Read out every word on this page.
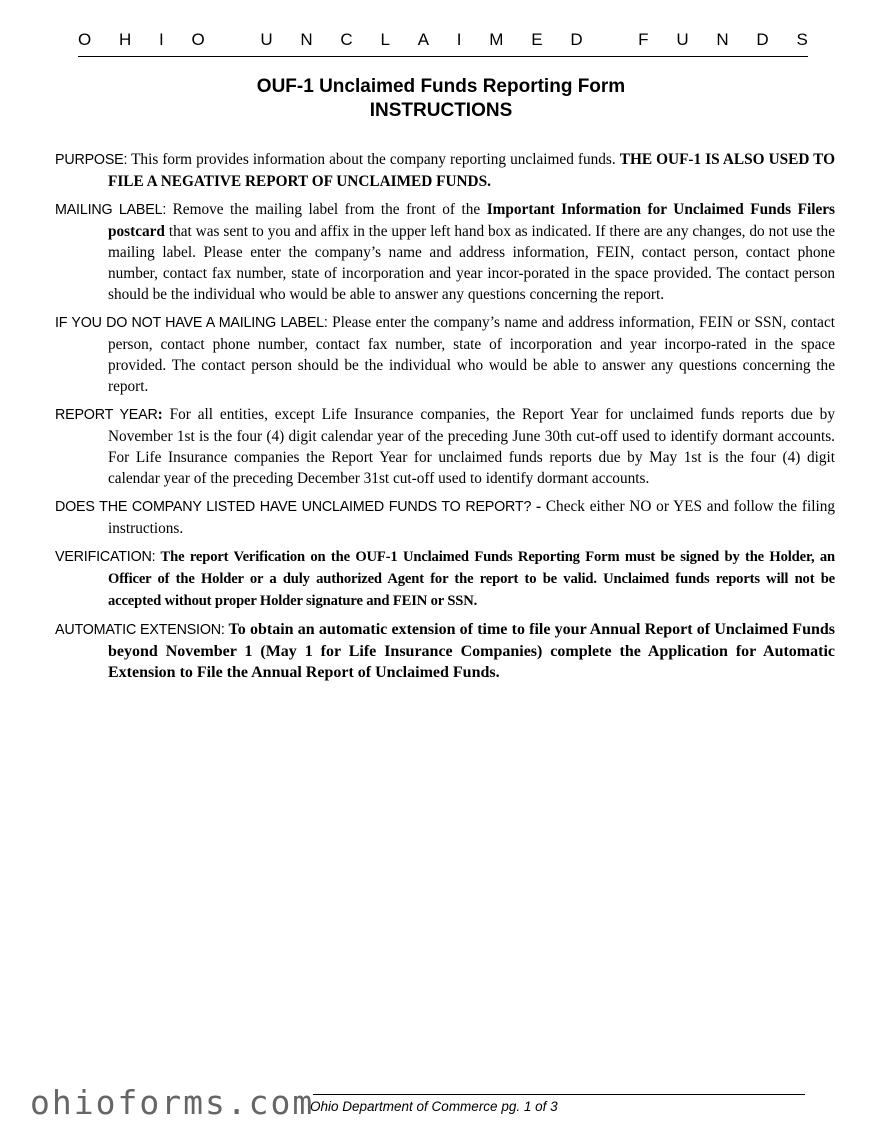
O H I O	U N C L A I M E D	F U N D S
OUF-1 Unclaimed Funds Reporting Form
INSTRUCTIONS

PURPOSE: This form provides information about the company reporting unclaimed funds. THE OUF-1 IS ALSO USED TO FILE A NEGATIVE REPORT OF UNCLAIMED FUNDS.

MAILING LABEL: Remove the mailing label from the front of the Important Information for Unclaimed Funds Filers postcard that was sent to you and affix in the upper left hand box as indicated. If there are any changes, do not use the mailing label. Please enter the company’s name and address information, FEIN, contact person, contact phone number, contact fax number, state of incorporation and year incor-porated in the space provided. The contact person should be the individual who would be able to answer any questions concerning the report.

IF YOU DO NOT HAVE A MAILING LABEL: Please enter the company’s name and address information, FEIN or SSN, contact person, contact phone number, contact fax number, state of incorporation and year incorpo-rated in the space provided. The contact person should be the individual who would be able to answer any questions concerning the report.

REPORT YEAR: For all entities, except Life Insurance companies, the Report Year for unclaimed funds reports due by November 1st is the four (4) digit calendar year of the preceding June 30th cut-off used to identify dormant accounts. For Life Insurance companies the Report Year for unclaimed funds reports due by May 1st is the four (4) digit calendar year of the preceding December 31st cut-off used to identify dormant accounts.

DOES THE COMPANY LISTED HAVE UNCLAIMED FUNDS TO REPORT? - Check either NO or YES and follow the filing instructions.

VERIFICATION: The report Verification on the OUF-1 Unclaimed Funds Reporting Form must be signed by the Holder, an Officer of the Holder or a duly authorized Agent for the report to be valid. Unclaimed funds reports will not be accepted without proper Holder signature and FEIN or SSN.

AUTOMATIC EXTENSION: To obtain an automatic extension of time to file your Annual Report of Unclaimed Funds beyond November 1 (May 1 for Life Insurance Companies) complete the Application for Automatic Extension to File the Annual Report of Unclaimed Funds.

ohioforms.com
Ohio Department of Commerce pg. 1 of 3
